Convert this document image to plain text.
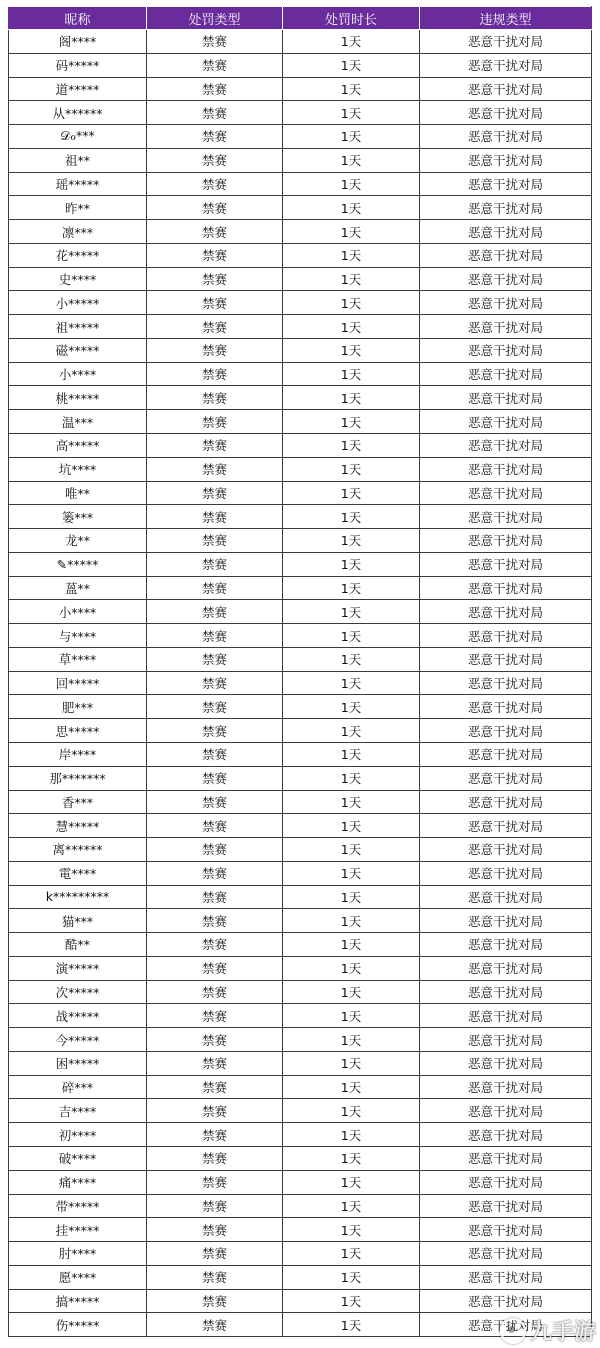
昵称	处罚类型	处罚时长	违规类型
阁****	禁赛	1天	恶意干扰对局
码*****	禁赛	1天	恶意干扰对局
道*****	禁赛	1天	恶意干扰对局
从******	禁赛	1天	恶意干扰对局
𝒟ℴ***	禁赛	1天	恶意干扰对局
祖**	禁赛	1天	恶意干扰对局
瑶*****	禁赛	1天	恶意干扰对局
昨**	禁赛	1天	恶意干扰对局
凛***	禁赛	1天	恶意干扰对局
花*****	禁赛	1天	恶意干扰对局
史****	禁赛	1天	恶意干扰对局
小*****	禁赛	1天	恶意干扰对局
祖*****	禁赛	1天	恶意干扰对局
磁*****	禁赛	1天	恶意干扰对局
小****	禁赛	1天	恶意干扰对局
桃*****	禁赛	1天	恶意干扰对局
温***	禁赛	1天	恶意干扰对局
高*****	禁赛	1天	恶意干扰对局
坑****	禁赛	1天	恶意干扰对局
唯**	禁赛	1天	恶意干扰对局
篓***	禁赛	1天	恶意干扰对局
龙**	禁赛	1天	恶意干扰对局
✎*****	禁赛	1天	恶意干扰对局
蒕**	禁赛	1天	恶意干扰对局
小****	禁赛	1天	恶意干扰对局
与****	禁赛	1天	恶意干扰对局
草****	禁赛	1天	恶意干扰对局
回*****	禁赛	1天	恶意干扰对局
肥***	禁赛	1天	恶意干扰对局
思*****	禁赛	1天	恶意干扰对局
岸****	禁赛	1天	恶意干扰对局
那*******	禁赛	1天	恶意干扰对局
香***	禁赛	1天	恶意干扰对局
慧*****	禁赛	1天	恶意干扰对局
离******	禁赛	1天	恶意干扰对局
電****	禁赛	1天	恶意干扰对局
k*********	禁赛	1天	恶意干扰对局
猫***	禁赛	1天	恶意干扰对局
酷**	禁赛	1天	恶意干扰对局
演*****	禁赛	1天	恶意干扰对局
次*****	禁赛	1天	恶意干扰对局
战*****	禁赛	1天	恶意干扰对局
今*****	禁赛	1天	恶意干扰对局
困*****	禁赛	1天	恶意干扰对局
碎***	禁赛	1天	恶意干扰对局
吉****	禁赛	1天	恶意干扰对局
初****	禁赛	1天	恶意干扰对局
破****	禁赛	1天	恶意干扰对局
痛****	禁赛	1天	恶意干扰对局
带*****	禁赛	1天	恶意干扰对局
挂*****	禁赛	1天	恶意干扰对局
肘****	禁赛	1天	恶意干扰对局
愿****	禁赛	1天	恶意干扰对局
搞*****	禁赛	1天	恶意干扰对局
伤*****	禁赛	1天	恶意干扰对局
九手游
